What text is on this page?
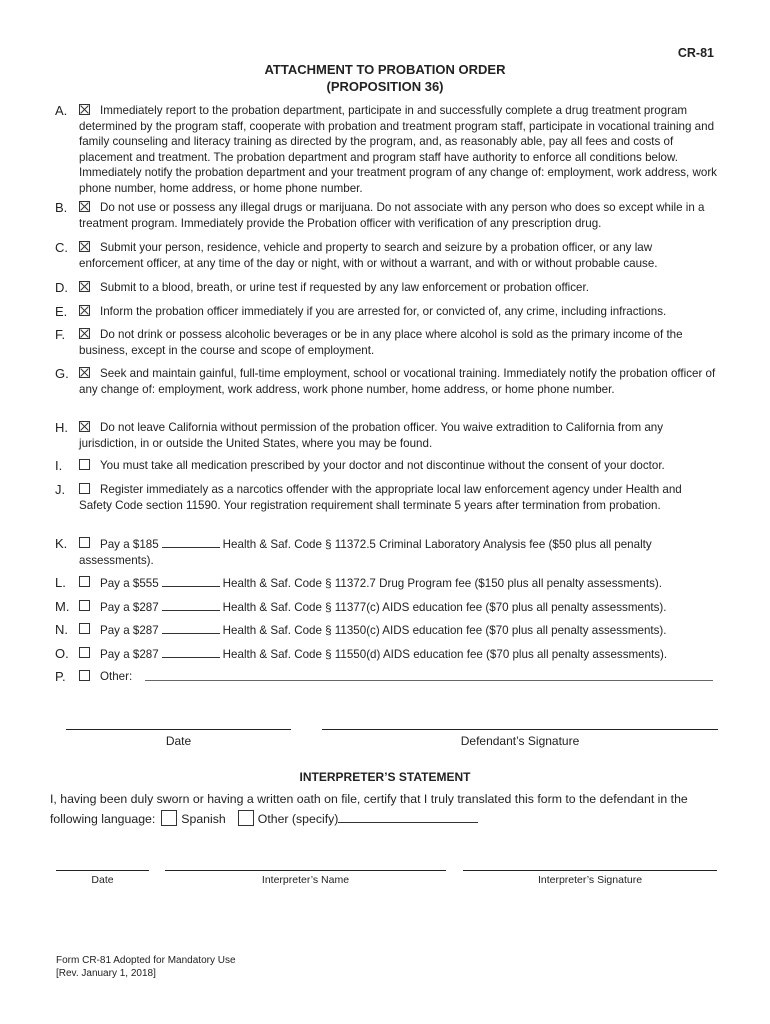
CR-81
ATTACHMENT TO PROBATION ORDER
(PROPOSITION 36)
A.	Immediately report to the probation department, participate in and successfully complete a drug treatment program determined by the program staff, cooperate with probation and treatment program staff, participate in vocational training and family counseling and literacy training as directed by the program, and, as reasonably able, pay all fees and costs of placement and treatment. The probation department and program staff have authority to enforce all conditions below. Immediately notify the probation department and your treatment program of any change of: employment, work address, work phone number, home address, or home phone number.
B.	Do not use or possess any illegal drugs or marijuana. Do not associate with any person who does so except while in a treatment program. Immediately provide the Probation officer with verification of any prescription drug.
C.	Submit your person, residence, vehicle and property to search and seizure by a probation officer, or any law enforcement officer, at any time of the day or night, with or without a warrant, and with or without probable cause.
D.	Submit to a blood, breath, or urine test if requested by any law enforcement or probation officer.
E.	Inform the probation officer immediately if you are arrested for, or convicted of, any crime, including infractions.
F.	Do not drink or possess alcoholic beverages or be in any place where alcohol is sold as the primary income of the business, except in the course and scope of employment.
G.	Seek and maintain gainful, full-time employment, school or vocational training. Immediately notify the probation officer of any change of: employment, work address, work phone number, home address, or home phone number.
H.	Do not leave California without permission of the probation officer. You waive extradition to California from any jurisdiction, in or outside the United States, where you may be found.
I.	You must take all medication prescribed by your doctor and not discontinue without the consent of your doctor.
J.	Register immediately as a narcotics offender with the appropriate local law enforcement agency under Health and Safety Code section 11590. Your registration requirement shall terminate 5 years after termination from probation.
K.	Pay a $185	Health & Saf. Code § 11372.5 Criminal Laboratory Analysis fee ($50 plus all penalty
assessments).
L.	Pay a $555	Health & Saf. Code § 11372.7 Drug Program fee ($150 plus all penalty assessments).
M.	Pay a $287	Health & Saf. Code § 11377(c) AIDS education fee ($70 plus all penalty assessments).
N.	Pay a $287	Health & Saf. Code § 11350(c) AIDS education fee ($70 plus all penalty assessments).
O.	Pay a $287	Health & Saf. Code § 11550(d) AIDS education fee ($70 plus all penalty assessments).
P.	Other:
Date	Defendant’s Signature
INTERPRETER’S STATEMENT
I, having been duly sworn or having a written oath on file, certify that I truly translated this form to the defendant in the
following language: Spanish	Other (specify)
Date	Interpreter’s Name	Interpreter’s Signature
Form CR-81 Adopted for Mandatory Use
[Rev. January 1, 2018]
